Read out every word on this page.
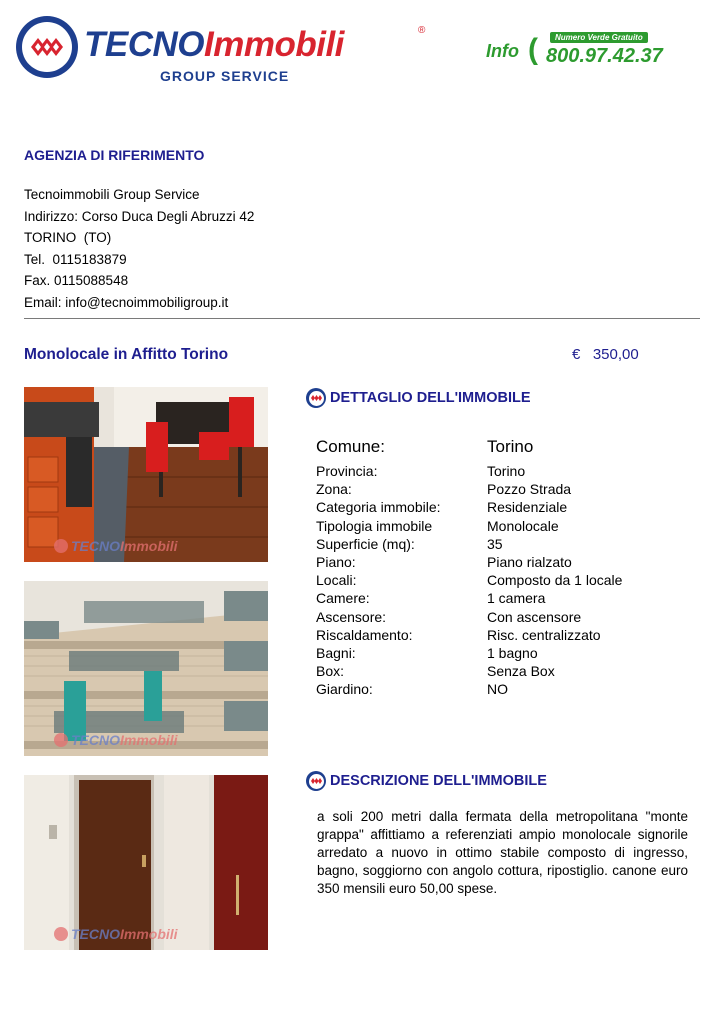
TECNOImmobili	®
GROUP SERVICE
Info (	Numero Verde Gratuito
800.97.42.37
AGENZIA DI RIFERIMENTO
Tecnoimmobili Group Service
Indirizzo: Corso Duca Degli Abruzzi 42
TORINO  (TO)
Tel.  0115183879
Fax. 0115088548
Email: info@tecnoimmobiligroup.it
Monolocale in Affitto Torino	€   350,00
TECNOImmobili
TECNOImmobili
TECNOImmobili
DETTAGLIO DELL'IMMOBILE
Comune:	Torino
Provincia:	Torino
Zona:	Pozzo Strada
Categoria immobile:	Residenziale
Tipologia immobile	Monolocale
Superficie (mq):	35
Piano:	Piano rialzato
Locali:	Composto da 1 locale
Camere:	1 camera
Ascensore:	Con ascensore
Riscaldamento:	Risc. centralizzato
Bagni:	1 bagno
Box:	Senza Box
Giardino:	NO
DESCRIZIONE DELL'IMMOBILE
a soli 200 metri dalla fermata della metropolitana "monte grappa" affittiamo a referenziati ampio monolocale signorile arredato a nuovo in ottimo stabile composto di ingresso, bagno, soggiorno con angolo cottura, ripostiglio. canone euro 350 mensili euro 50,00 spese.
